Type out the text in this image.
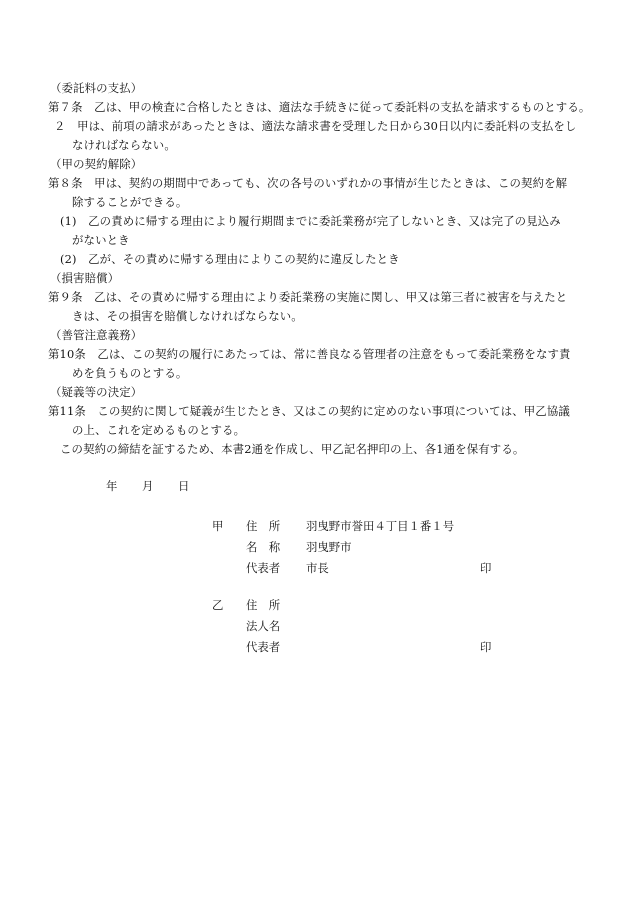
（委託料の支払）
第７条　乙は、甲の検査に合格したときは、適法な手続きに従って委託料の支払を請求するものとする。
２　甲は、前項の請求があったときは、適法な請求書を受理した日から30日以内に委託料の支払をし
なければならない。
（甲の契約解除）
第８条　甲は、契約の期間中であっても、次の各号のいずれかの事情が生じたときは、この契約を解
除することができる。
(1)　乙の責めに帰する理由により履行期間までに委託業務が完了しないとき、又は完了の見込み
がないとき
(2)　乙が、その責めに帰する理由によりこの契約に違反したとき
（損害賠償）
第９条　乙は、その責めに帰する理由により委託業務の実施に関し、甲又は第三者に被害を与えたと
きは、その損害を賠償しなければならない。
（善管注意義務）
第10条　乙は、この契約の履行にあたっては、常に善良なる管理者の注意をもって委託業務をなす責
めを負うものとする。
（疑義等の決定）
第11条　この契約に関して疑義が生じたとき、又はこの契約に定めのない事項については、甲乙協議
の上、これを定めるものとする。
この契約の締結を証するため、本書2通を作成し、甲乙記名押印の上、各1通を保有する。
年 月 日
甲 住　所 羽曳野市誉田４丁目１番１号
名　称 羽曳野市
代表者 市長	印
乙 住　所
法人名
代表者	印
